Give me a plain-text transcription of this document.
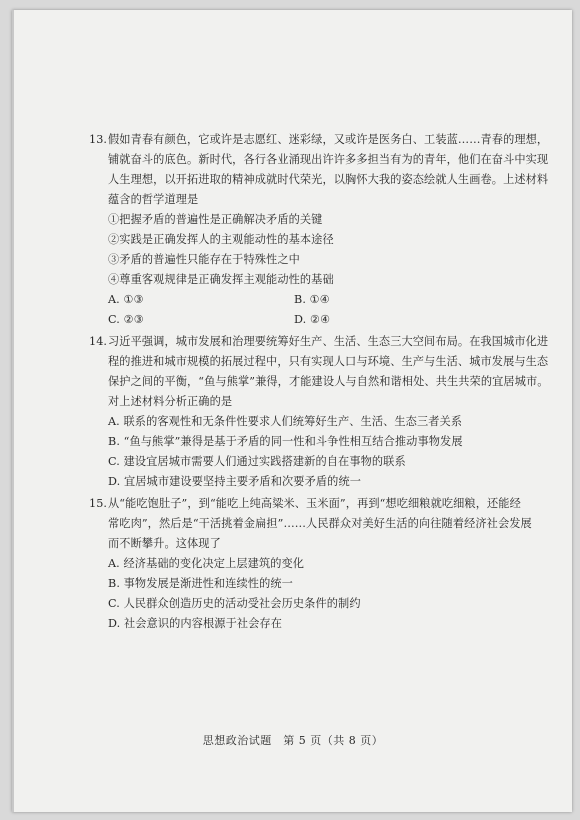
13.假如青春有颜色，它或许是志愿红、迷彩绿，又或许是医务白、工装蓝……青春的理想，
铺就奋斗的底色。新时代，各行各业涌现出许许多多担当有为的青年，他们在奋斗中实现
人生理想，以开拓进取的精神成就时代荣光，以胸怀大我的姿态绘就人生画卷。上述材料
蕴含的哲学道理是
①把握矛盾的普遍性是正确解决矛盾的关键
②实践是正确发挥人的主观能动性的基本途径
③矛盾的普遍性只能存在于特殊性之中
④尊重客观规律是正确发挥主观能动性的基础
A. ①③	B. ①④
C. ②③	D. ②④
14.习近平强调，城市发展和治理要统筹好生产、生活、生态三大空间布局。在我国城市化进
程的推进和城市规模的拓展过程中，只有实现人口与环境、生产与生活、城市发展与生态
保护之间的平衡，“鱼与熊掌”兼得，才能建设人与自然和谐相处、共生共荣的宜居城市。
对上述材料分析正确的是
A. 联系的客观性和无条件性要求人们统筹好生产、生活、生态三者关系
B. “鱼与熊掌”兼得是基于矛盾的同一性和斗争性相互结合推动事物发展
C. 建设宜居城市需要人们通过实践搭建新的自在事物的联系
D. 宜居城市建设要坚持主要矛盾和次要矛盾的统一
15.从“能吃饱肚子”，到“能吃上纯高粱米、玉米面”，再到“想吃细粮就吃细粮，还能经
常吃肉”，然后是“干活挑着金扁担”……人民群众对美好生活的向往随着经济社会发展
而不断攀升。这体现了
A. 经济基础的变化决定上层建筑的变化
B. 事物发展是渐进性和连续性的统一
C. 人民群众创造历史的活动受社会历史条件的制约
D. 社会意识的内容根源于社会存在
思想政治试题　第 5 页（共 8 页）
